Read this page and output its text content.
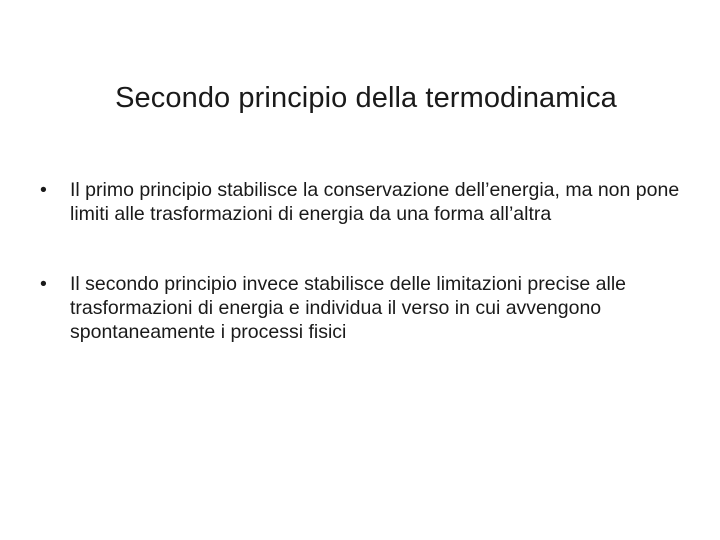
Secondo principio della termodinamica
•	Il primo principio stabilisce la conservazione dell’energia, ma non pone limiti alle trasformazioni di energia da una forma all’altra
•	Il secondo principio invece stabilisce delle limitazioni precise alle trasformazioni di energia e individua il verso in cui avvengono spontaneamente i processi fisici
